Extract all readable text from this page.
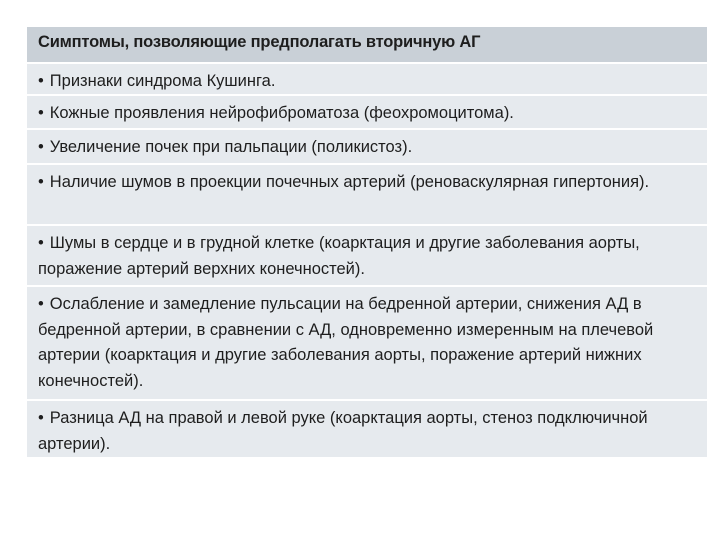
Симптомы, позволяющие предполагать вторичную АГ
• Признаки синдрома Кушинга.
• Кожные проявления нейрофиброматоза (феохромоцитома).
• Увеличение почек при пальпации (поликистоз).
• Наличие шумов в проекции почечных артерий (реноваскулярная гипертония).
• Шумы в сердце и в грудной клетке (коарктация и другие заболевания аорты, поражение артерий верхних конечностей).
• Ослабление и замедление пульсации на бедренной артерии, снижения АД в бедренной артерии, в сравнении с АД, одновременно измеренным на плечевой артерии (коарктация и другие заболевания аорты, поражение артерий нижних конечностей).
• Разница АД на правой и левой руке (коарктация аорты, стеноз подключичной артерии).
